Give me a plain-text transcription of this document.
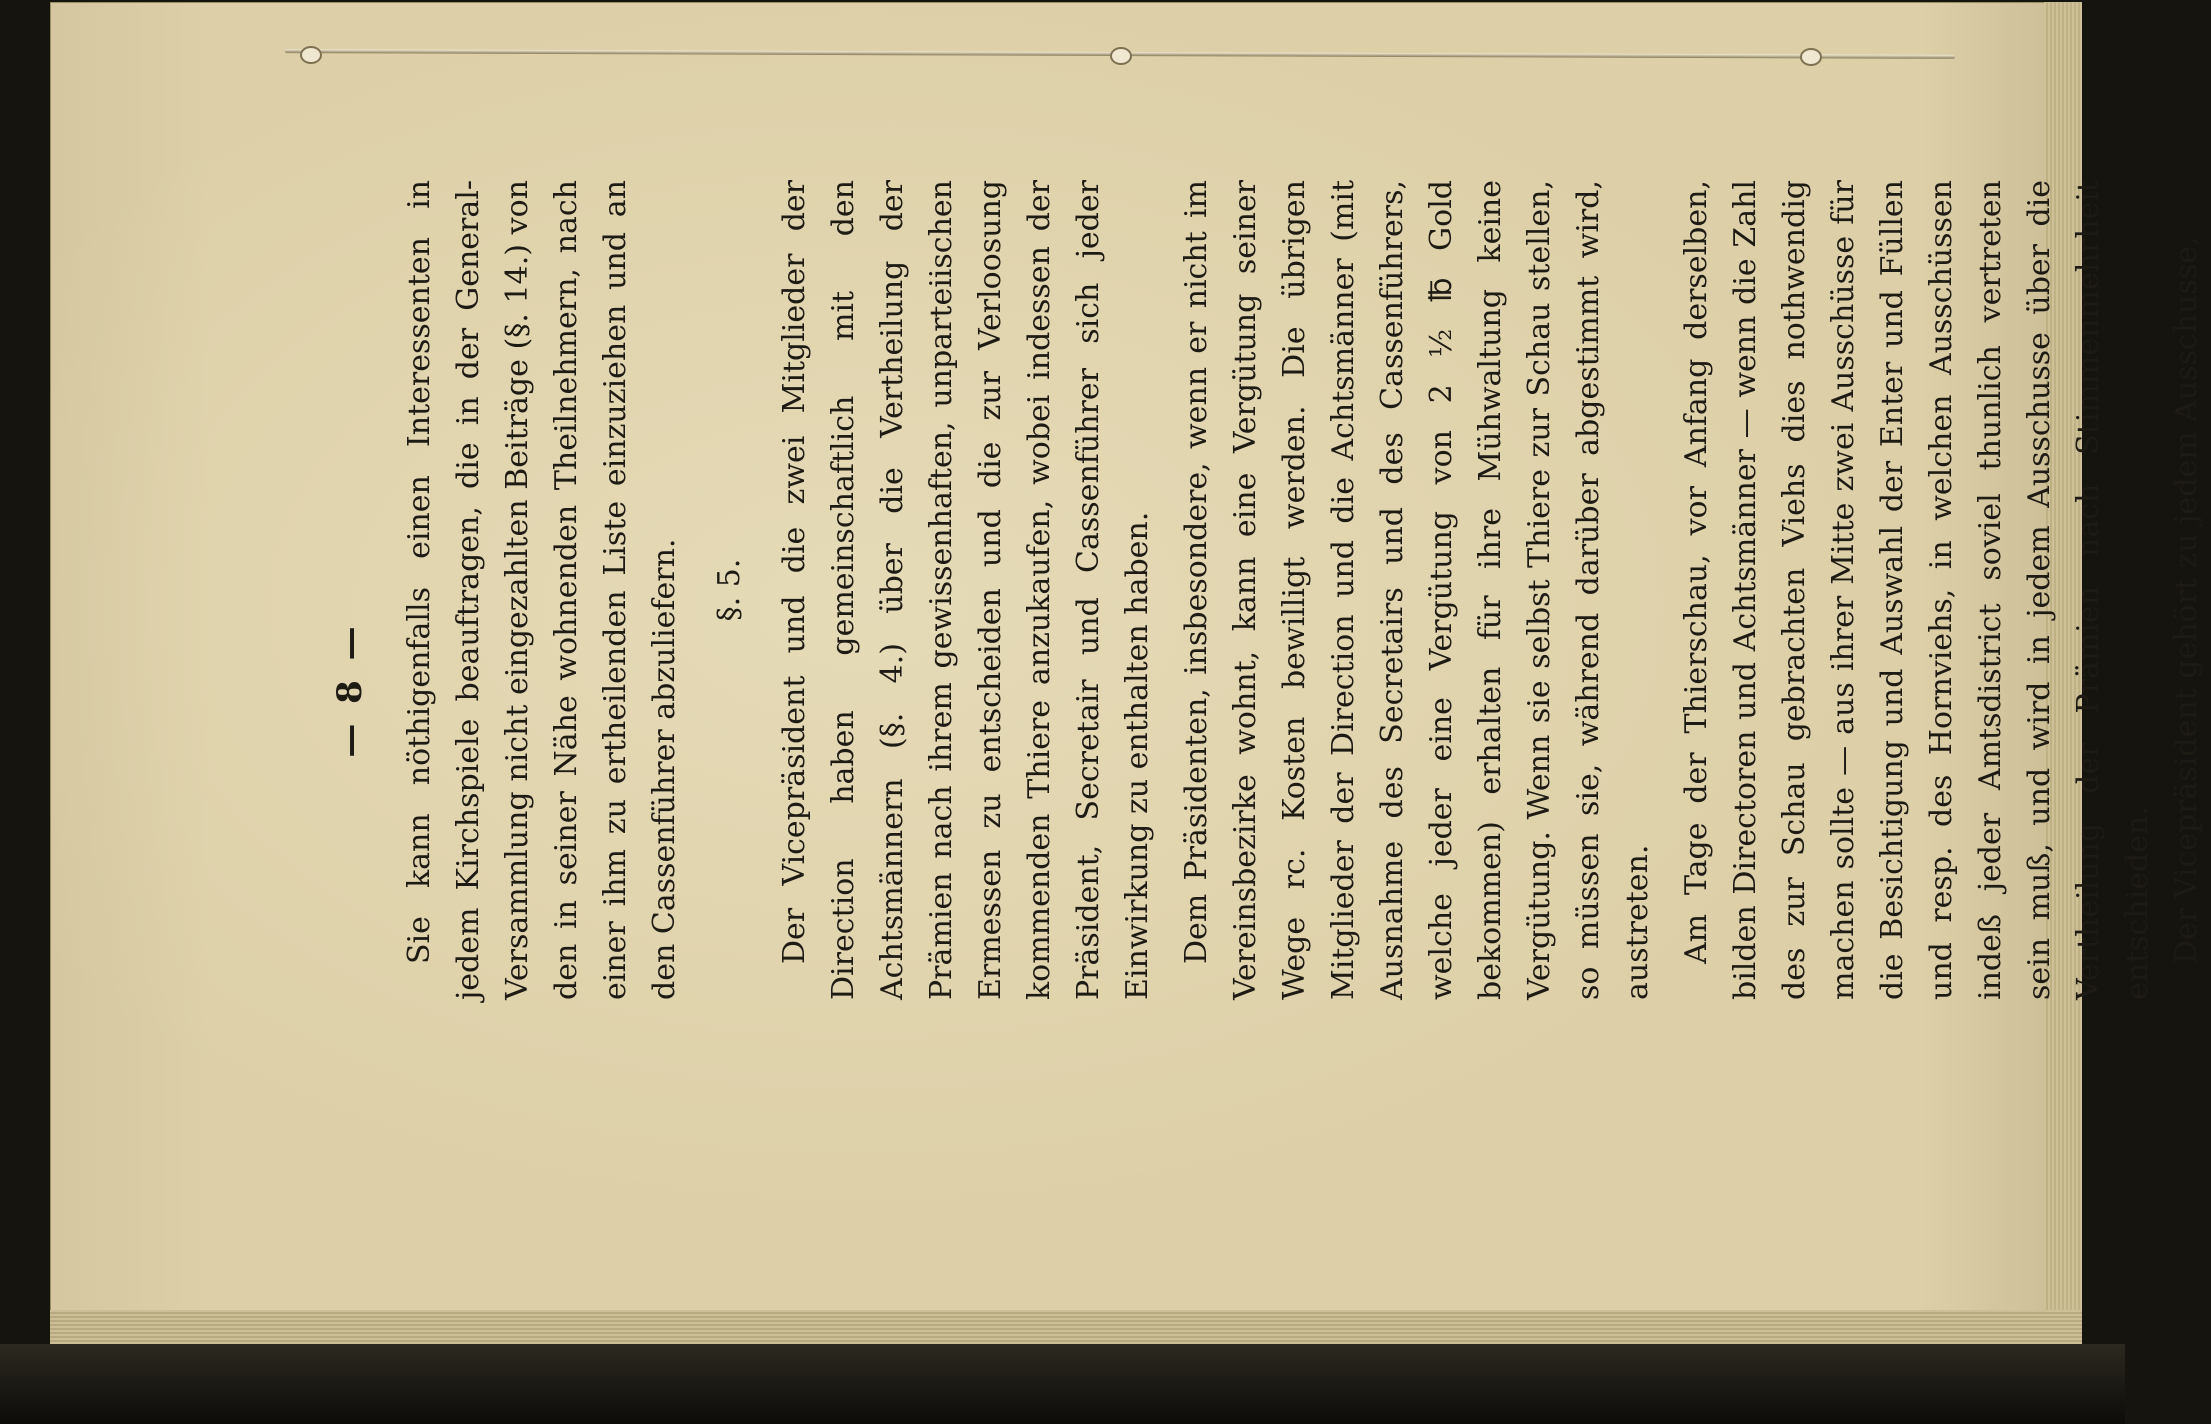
— 8 — Sie kann nöthigenfalls einen Interessenten in jedem Kirchspiele beauftragen, die in der General-Versammlung nicht eingezahlten Beiträge (§. 14.) von den in seiner Nähe wohnenden Theilnehmern, nach einer ihm zu ertheilenden Liste einzuziehen und an den Cassenführer abzuliefern. §. 5. Der Vicepräsident und die zwei Mitglieder der Direction haben gemeinschaftlich mit den Achtsmännern (§. 4.) über die Vertheilung der Prämien nach ihrem gewissenhaften, unparteiischen Ermessen zu entscheiden und die zur Verloosung kommenden Thiere anzukaufen, wobei indessen der Präsident, Secretair und Cassenführer sich jeder Einwirkung zu enthalten haben. Dem Präsidenten, insbesondere, wenn er nicht im Vereinsbezirke wohnt, kann eine Vergütung seiner Wege rc. Kosten bewilligt werden. Die übrigen Mitglieder der Direction und die Achtsmänner (mit Ausnahme des Secretairs und des Cassenführers, welche jeder eine Vergütung von 2 ½ ℔ Gold bekommen) erhalten für ihre Mühwaltung keine Vergütung. Wenn sie selbst Thiere zur Schau stellen, so müssen sie, während darüber abgestimmt wird, austreten. Am Tage der Thierschau, vor Anfang derselben, bilden Directoren und Achtsmänner — wenn die Zahl des zur Schau gebrachten Viehs dies nothwendig machen sollte — aus ihrer Mitte zwei Ausschüsse für die Besichtigung und Auswahl der Enter und Füllen und resp. des Hornviehs, in welchen Ausschüssen indeß jeder Amtsdistrict soviel thunlich vertreten sein muß, und wird in jedem Ausschusse über die Vertheilung der Prämien nach Stimmenmehrheit entschieden. Der Vicepräsident gehört zu jedem Ausschusse,
